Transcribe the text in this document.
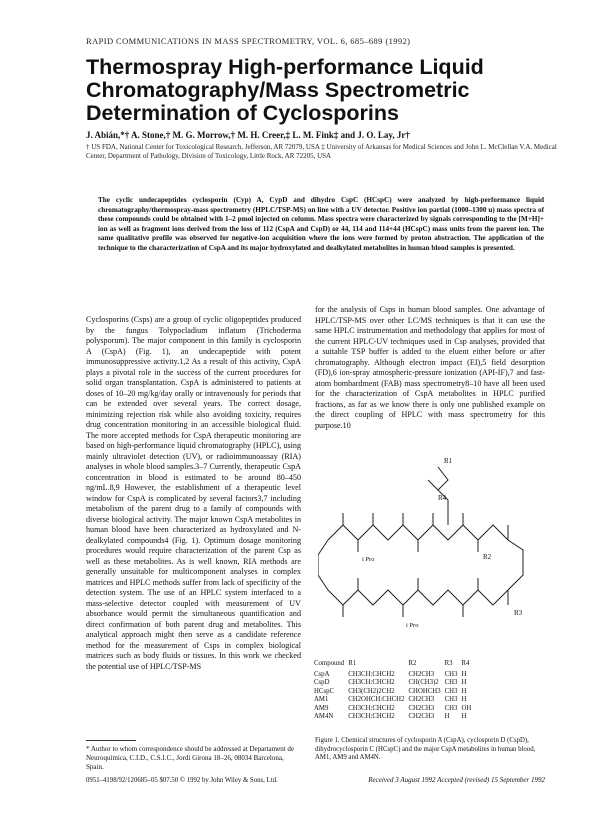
RAPID COMMUNICATIONS IN MASS SPECTROMETRY, VOL. 6, 685–689 (1992)
Thermospray High-performance Liquid Chromatography/Mass Spectrometric Determination of Cyclosporins
J. Abián,*† A. Stone,† M. G. Morrow,† M. H. Creer,‡ L. M. Fink‡ and J. O. Lay, Jr†
† US FDA, National Center for Toxicological Research, Jefferson, AR 72079, USA ‡ University of Arkansas for Medical Sciences and John L. McClellan V.A. Medical Center, Department of Pathology, Division of Toxicology, Little Rock, AR 72205, USA
The cyclic undecapeptides cyclosporin (Cyp) A, CypD and dihydro CspC (HCspC) were analyzed by high-performance liquid chromatography/thermospray-mass spectrometry (HPLC/TSP-MS) on line with a UV detector. Positive ion partial (1000–1300 u) mass spectra of these compounds could be obtained with 1–2 pmol injected on column. Mass spectra were characterized by signals corresponding to the [M+H]+ ion as well as fragment ions derived from the loss of 112 (CspA and CspD) or 44, 114 and 114+44 (HCspC) mass units from the parent ion. The same qualitative profile was observed for negative-ion acquisition where the ions were formed by proton abstraction. The application of the technique to the characterization of CspA and its major hydroxylated and dealkylated metabolites in human blood samples is presented.
Cyclosporins (Csps) are a group of cyclic oligopeptides produced by the fungus Tolypocladium inflatum (Trichoderma polysporum). The major component in this family is cyclosporin A (CspA) (Fig. 1), an undecapeptide with potent immunosuppressive activity.1,2 As a result of this activity, CspA plays a pivotal role in the success of the current procedures for solid organ transplantation. CspA is administered to patients at doses of 10–20 mg/kg/day orally or intravenously for periods that can be extended over several years. The correct dosage, minimizing rejection risk while also avoiding toxicity, requires drug concentration monitoring in an accessible biological fluid. The more accepted methods for CspA therapeutic monitoring are based on high-performance liquid chromatography (HPLC), using mainly ultraviolet detection (UV), or radioimmunoassay (RIA) analyses in whole blood samples.3–7 Currently, therapeutic CspA concentration in blood is estimated to be around 80–450 ng/mL.8,9 However, the establishment of a therapeutic level window for CspA is complicated by several factors3,7 including metabolism of the parent drug to a family of compounds with diverse biological activity. The major known CspA metabolites in human blood have been characterized as hydroxylated and N-dealkylated compounds4 (Fig. 1). Optimum dosage monitoring procedures would require characterization of the parent Csp as well as these metabolites. As is well known, RIA methods are generally unsuitable for multicomponent analyses in complex matrices and HPLC methods suffer from lack of specificity of the detection system. The use of an HPLC system interfaced to a mass-selective detector coupled with measurement of UV absorbance would permit the simultaneous quantification and direct confirmation of both parent drug and metabolites. This analytical approach might then serve as a candidate reference method for the measurement of Csps in complex biological matrices such as body fluids or tissues. In this work we checked the potential use of HPLC/TSP-MS
for the analysis of Csps in human blood samples. One advantage of HPLC/TSP-MS over other LC/MS techniques is that it can use the same HPLC instrumentation and methodology that applies for most of the current HPLC-UV techniques used in Csp analyses, provided that a suitable TSP buffer is added to the eluent either before or after chromatography. Although electron impact (EI),5 field desorption (FD),6 ion-spray atmospheric-pressure ionization (API-IF),7 and fast-atom bombardment (FAB) mass spectrometry8–10 have all been used for the characterization of CspA metabolites in HPLC purified fractions, as far as we know there is only one published example on the direct coupling of HPLC with mass spectrometry for this purpose.10
R1
R2
R3
R4
i Pro
i Pro
Compound	R1	R2	R3	R4
CspA	CH3CH:CHCH2	CH2CH3	CH3	H
CspD	CH3CH:CHCH2	CH(CH3)2	CH3	H
HCspC	CH3(CH2)2CH2	CHOHCH3	CH3	H
AM1	CH2OHCH:CHCH2	CH2CH3	CH3	H
AM9	CH3CH:CHCH2	CH2CH3	CH3	OH
AM4N	CH3CH:CHCH2	CH2CH3	H	H
Figure 1. Chemical structures of cyclosporin A (CspA), cyclosporin D (CspD), dihydrocyclosporin C (HCspC) and the major CspA metabolites in human blood, AM1, AM9 and AM4N.
* Author to whom correspondence should be addressed at Departament de Neuroquímica, C.I.D., C.S.I.C., Jordi Girona 18–26, 08034 Barcelona, Spain.
0951–4198/92/120685–05 $07.50 © 1992 by John Wiley & Sons, Ltd.	Received 3 August 1992 Accepted (revised) 15 September 1992
